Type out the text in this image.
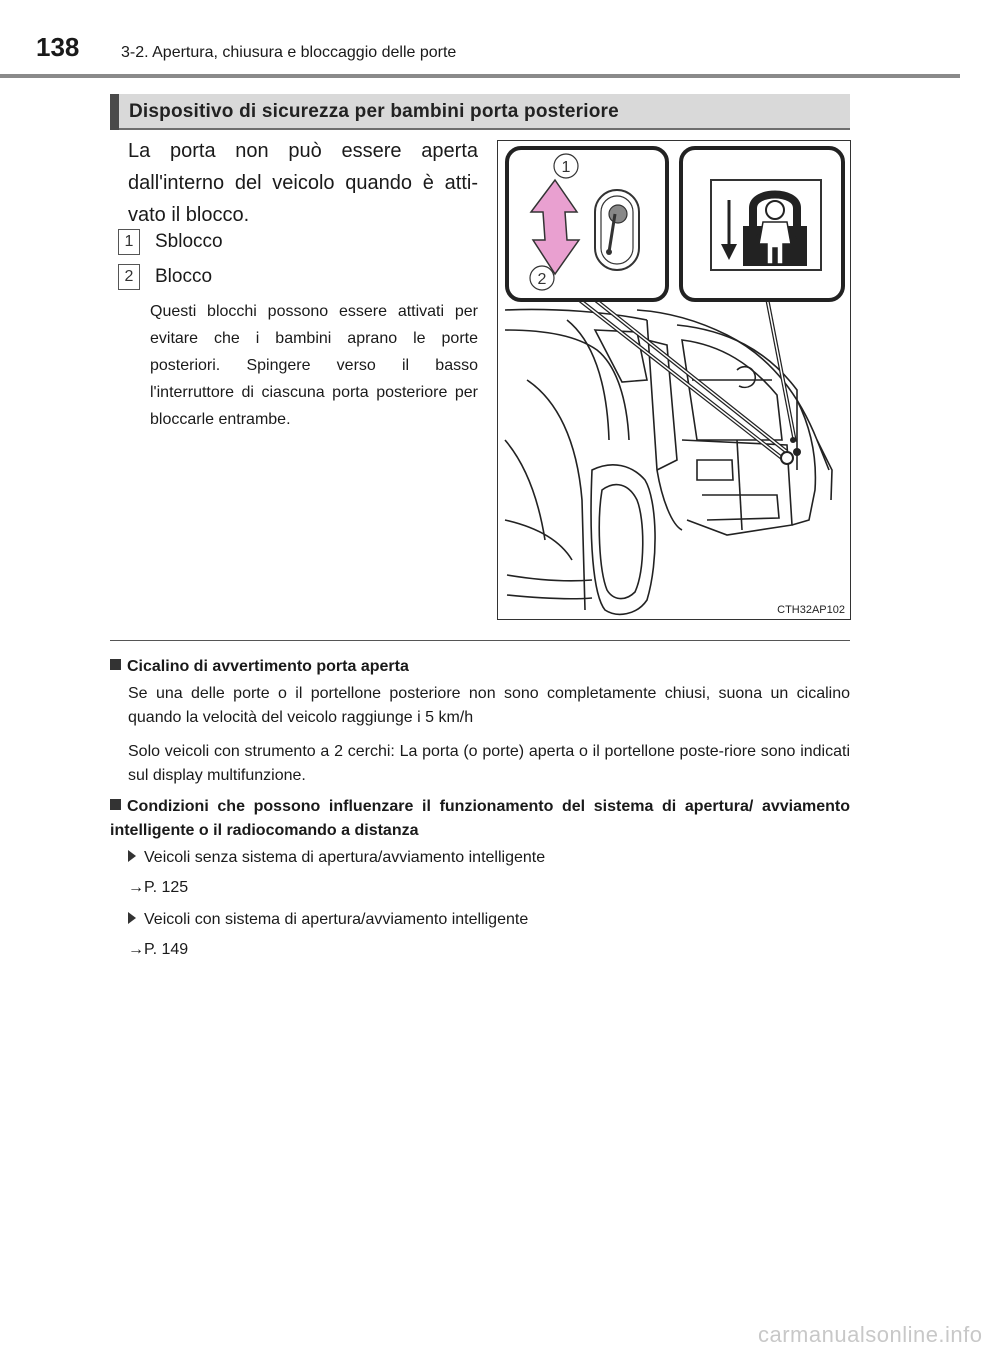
138	3-2. Apertura, chiusura e bloccaggio delle porte
Dispositivo di sicurezza per bambini porta posteriore
La porta non può essere aperta dall'interno del veicolo quando è atti-vato il blocco.
1	Sblocco
2	Blocco
Questi blocchi possono essere attivati per evitare che i bambini aprano le porte posteriori. Spingere verso il basso l'interruttore di ciascuna porta posteriore per bloccarle entrambe.
1
2
CTH32AP102
Cicalino di avvertimento porta aperta
Se una delle porte o il portellone posteriore non sono completamente chiusi, suona un cicalino quando la velocità del veicolo raggiunge i 5 km/h
Solo veicoli con strumento a 2 cerchi: La porta (o porte) aperta o il portellone poste-riore sono indicati sul display multifunzione.
Condizioni che possono influenzare il funzionamento del sistema di apertura/ avviamento intelligente o il radiocomando a distanza
Veicoli senza sistema di apertura/avviamento intelligente
→P. 125
Veicoli con sistema di apertura/avviamento intelligente
→P. 149
carmanualsonline.info
